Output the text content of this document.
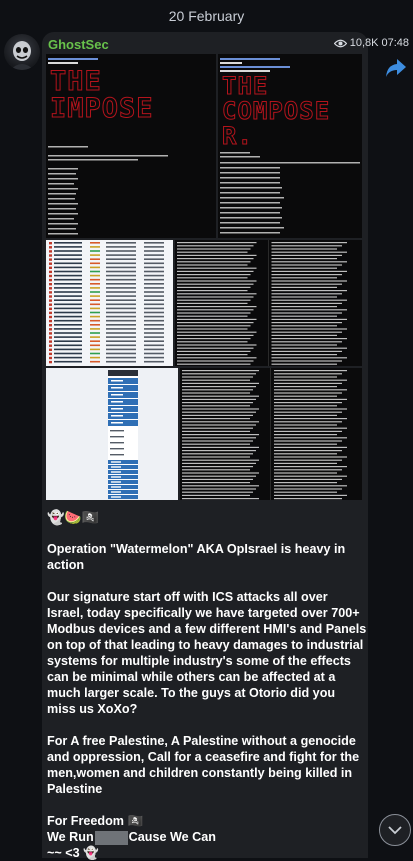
20 February
GhostSec	10,8K 07:48
THE
IMPOSE
THE
COMPOSE
R.
👻🍉🏴‍☠️

Operation "Watermelon" AKA OpIsrael is heavy in action

Our signature start off with ICS attacks all over Israel, today specifically we have targeted over 700+ Modbus devices and a few different HMI's and Panels on top of that leading to heavy damages to industrial systems for multiple industry's some of the effects can be minimal while others can be affected at a much larger scale. To the guys at Otorio did you miss us XoXo?

For A free Palestine, A Palestine without a genocide and oppression, Call for a ceasefire and fight for the men,women and children constantly being killed in Palestine

For Freedom 🏴‍☠️
We Run	Cause We Can
~~ <3 👻
